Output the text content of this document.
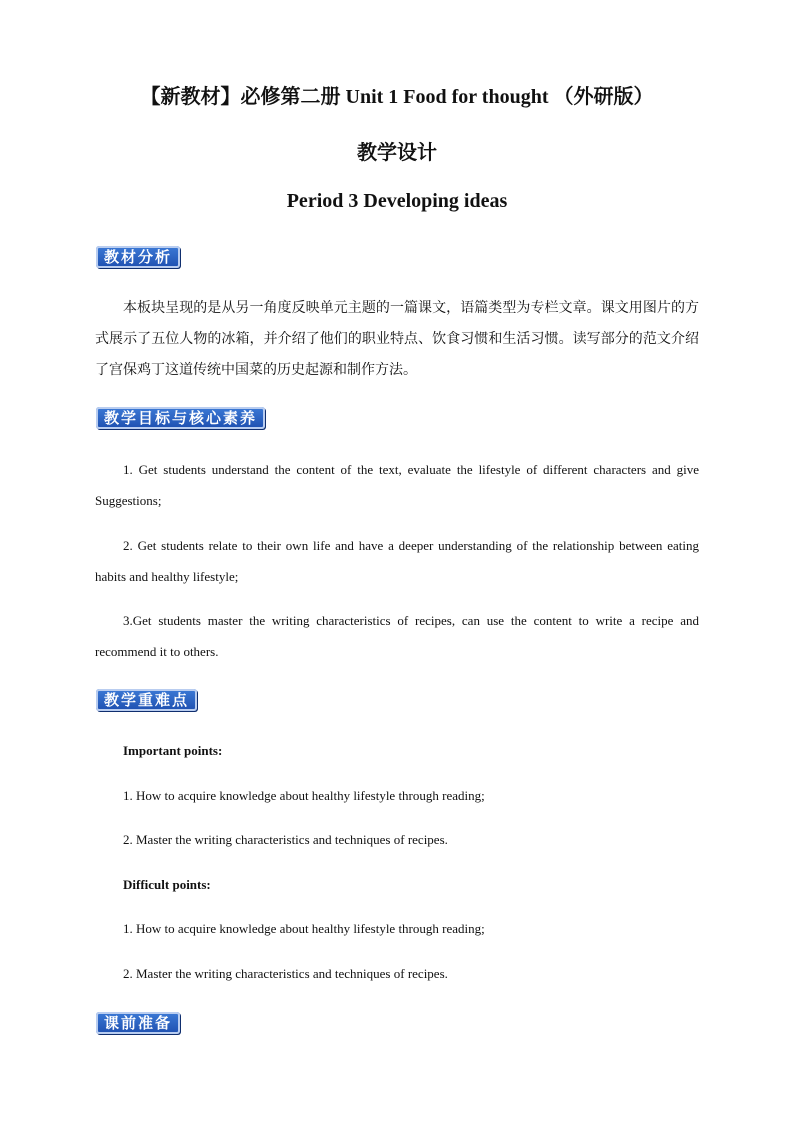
【新教材】必修第二册 Unit 1 Food for thought （外研版）
教学设计
Period 3 Developing ideas
教材分析

本板块呈现的是从另一角度反映单元主题的一篇课文，语篇类型为专栏文章。课文用图片的方式展示了五位人物的冰箱，并介绍了他们的职业特点、饮食习惯和生活习惯。读写部分的范文介绍了宫保鸡丁这道传统中国菜的历史起源和制作方法。

教学目标与核心素养

1. Get students understand the content of the text, evaluate the lifestyle of different characters and give Suggestions;

2. Get students relate to their own life and have a deeper understanding of the relationship between eating habits and healthy lifestyle;

3.Get students master the writing characteristics of recipes, can use the content to write a recipe and recommend it to others.

教学重难点

Important points:

1. How to acquire knowledge about healthy lifestyle through reading;

2. Master the writing characteristics and techniques of recipes.

Difficult points:

1. How to acquire knowledge about healthy lifestyle through reading;

2. Master the writing characteristics and techniques of recipes.

课前准备
